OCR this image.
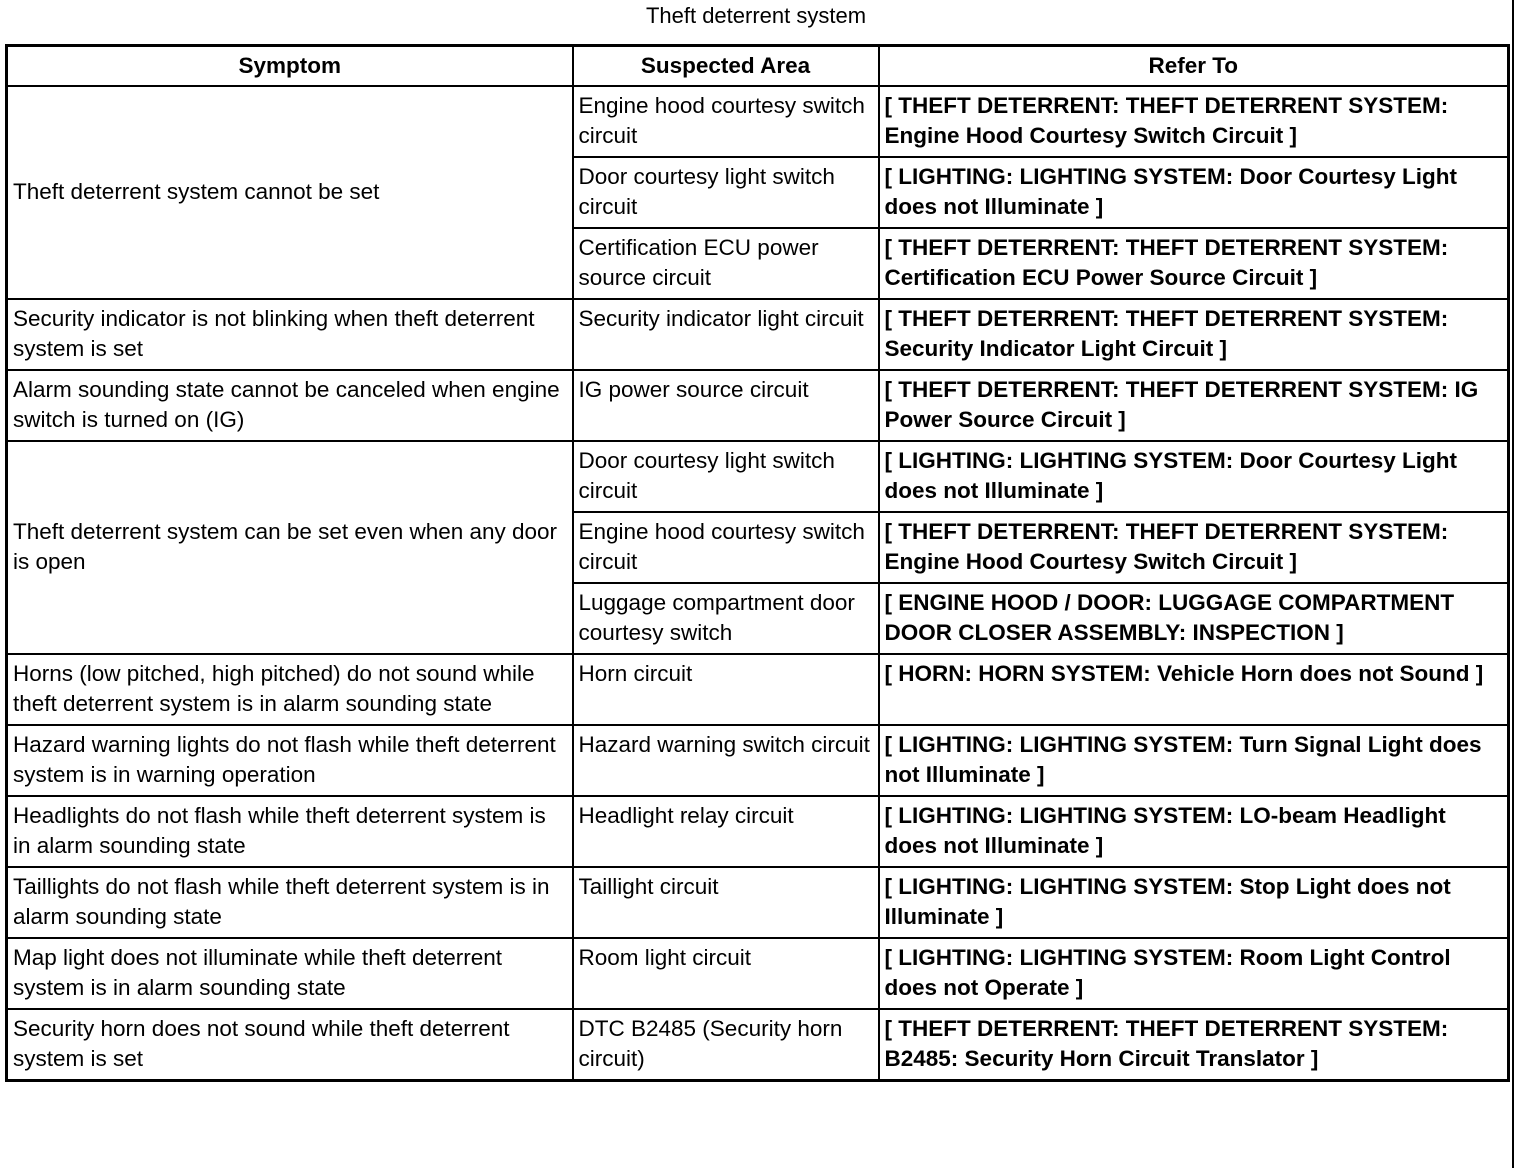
Theft deterrent system
Symptom	Suspected Area	Refer To
Theft deterrent system cannot be set	Engine hood courtesy switch circuit	[ THEFT DETERRENT: THEFT DETERRENT SYSTEM: Engine Hood Courtesy Switch Circuit ]
	Door courtesy light switch circuit	[ LIGHTING: LIGHTING SYSTEM: Door Courtesy Light does not Illuminate ]
	Certification ECU power source circuit	[ THEFT DETERRENT: THEFT DETERRENT SYSTEM: Certification ECU Power Source Circuit ]
Security indicator is not blinking when theft deterrent system is set	Security indicator light circuit	[ THEFT DETERRENT: THEFT DETERRENT SYSTEM: Security Indicator Light Circuit ]
Alarm sounding state cannot be canceled when engine switch is turned on (IG)	IG power source circuit	[ THEFT DETERRENT: THEFT DETERRENT SYSTEM: IG Power Source Circuit ]
Theft deterrent system can be set even when any door is open	Door courtesy light switch circuit	[ LIGHTING: LIGHTING SYSTEM: Door Courtesy Light does not Illuminate ]
	Engine hood courtesy switch circuit	[ THEFT DETERRENT: THEFT DETERRENT SYSTEM: Engine Hood Courtesy Switch Circuit ]
	Luggage compartment door courtesy switch	[ ENGINE HOOD / DOOR: LUGGAGE COMPARTMENT DOOR CLOSER ASSEMBLY: INSPECTION ]
Horns (low pitched, high pitched) do not sound while theft deterrent system is in alarm sounding state	Horn circuit	[ HORN: HORN SYSTEM: Vehicle Horn does not Sound ]
Hazard warning lights do not flash while theft deterrent system is in warning operation	Hazard warning switch circuit	[ LIGHTING: LIGHTING SYSTEM: Turn Signal Light does not Illuminate ]
Headlights do not flash while theft deterrent system is in alarm sounding state	Headlight relay circuit	[ LIGHTING: LIGHTING SYSTEM: LO-beam Headlight does not Illuminate ]
Taillights do not flash while theft deterrent system is in alarm sounding state	Taillight circuit	[ LIGHTING: LIGHTING SYSTEM: Stop Light does not Illuminate ]
Map light does not illuminate while theft deterrent system is in alarm sounding state	Room light circuit	[ LIGHTING: LIGHTING SYSTEM: Room Light Control does not Operate ]
Security horn does not sound while theft deterrent system is set	DTC B2485 (Security horn circuit)	[ THEFT DETERRENT: THEFT DETERRENT SYSTEM: B2485: Security Horn Circuit Translator ]
